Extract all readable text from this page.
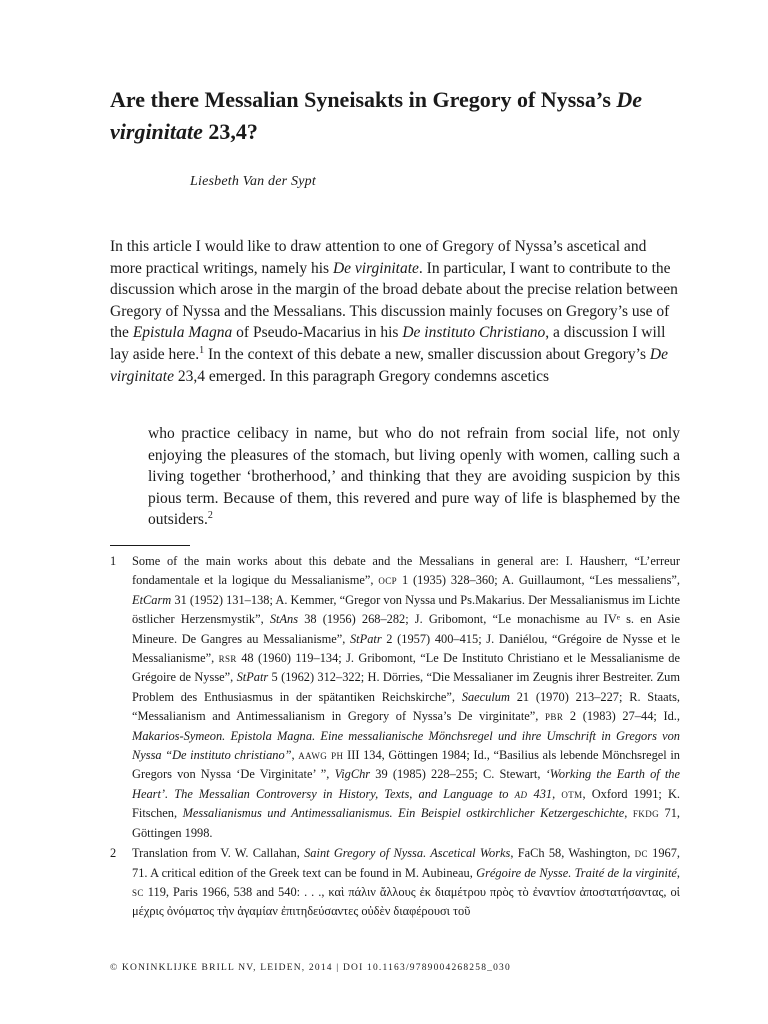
Are there Messalian Syneisakts in Gregory of Nyssa’s De virginitate 23,4?
Liesbeth Van der Sypt

In this article I would like to draw attention to one of Gregory of Nyssa’s ascetical and more practical writings, namely his De virginitate. In particular, I want to contribute to the discussion which arose in the margin of the broad debate about the precise relation between Gregory of Nyssa and the Messalians. This discussion mainly focuses on Gregory’s use of the Epistula Magna of Pseudo-Macarius in his De instituto Christiano, a discussion I will lay aside here.$^1$ In the context of this debate a new, smaller discussion about Gregory’s De virginitate 23,4 emerged. In this paragraph Gregory condemns ascetics

who practice celibacy in name, but who do not refrain from social life, not only enjoying the pleasures of the stomach, but living openly with women, calling such a living together ‘brotherhood,’ and thinking that they are avoiding suspicion by this pious term. Because of them, this revered and pure way of life is blasphemed by the outsiders.$^2$

1 Some of the main works about this debate and the Messalians in general are: I. Hausherr, “L’erreur fondamentale et la logique du Messalianisme”, ocp 1 (1935) 328–360; A. Guillaumont, “Les messaliens”, EtCarm 31 (1952) 131–138; A. Kemmer, “Gregor von Nyssa und Ps.Makarius. Der Messalianismus im Lichte östlicher Herzensmystik”, StAns 38 (1956) 268–282; J. Gribomont, “Le monachisme au IVᵉ s. en Asie Mineure. De Gangres au Messalianisme”, StPatr 2 (1957) 400–415; J. Daniélou, “Grégoire de Nysse et le Messalianisme”, rsr 48 (1960) 119–134; J. Gribomont, “Le De Instituto Christiano et le Messalianisme de Grégoire de Nysse”, StPatr 5 (1962) 312–322; H. Dörries, “Die Messalianer im Zeugnis ihrer Bestreiter. Zum Problem des Enthusiasmus in der spätantiken Reichskirche”, Saeculum 21 (1970) 213–227; R. Staats, “Messalianism and Antimessalianism in Gregory of Nyssa’s De virginitate”, pbr 2 (1983) 27–44; Id., Makarios-Symeon. Epistola Magna. Eine messalianische Mönchsregel und ihre Umschrift in Gregors von Nyssa “De instituto christiano”, aawg ph III 134, Göttingen 1984; Id., “Basilius als lebende Mönchsregel in Gregors von Nyssa ‘De Virginitate’ ”, VigChr 39 (1985) 228–255; C. Stewart, ‘Working the Earth of the Heart’. The Messalian Controversy in History, Texts, and Language to ad 431, otm, Oxford 1991; K. Fitschen, Messalianismus und Antimessalianismus. Ein Beispiel ostkirchlicher Ketzergeschichte, fkdg 71, Göttingen 1998.

2 Translation from V. W. Callahan, Saint Gregory of Nyssa. Ascetical Works, FaCh 58, Washington, dc 1967, 71. A critical edition of the Greek text can be found in M. Aubineau, Grégoire de Nysse. Traité de la virginité, sc 119, Paris 1966, 538 and 540: . . ., καὶ πάλιν ἄλλους ἐκ διαμέτρου πρὸς τὸ ἐναντίον ἀποστατήσαντας, οἱ μέχρις ὀνόματος τὴν ἀγαμίαν ἐπιτηδεύσαντες οὐδὲν διαφέρουσι τοῦ

© KONINKLIJKE BRILL NV, LEIDEN, 2014 | DOI 10.1163/9789004268258_030
